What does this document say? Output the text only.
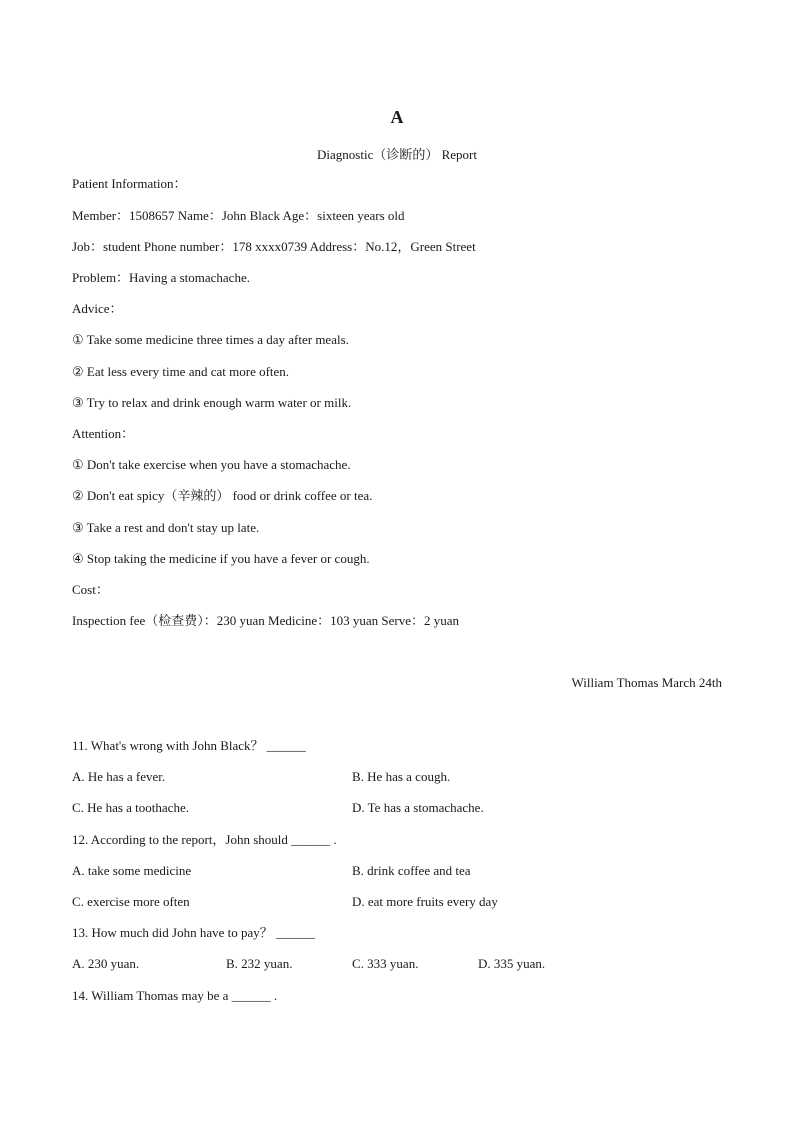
A
Diagnostic（诊断的） Report
Patient Information：
Member：1508657 Name：John Black Age：sixteen years old
Job：student Phone number：178 xxxx0739 Address：No.12，Green Street
Problem：Having a stomachache.
Advice：
① Take some medicine three times a day after meals.
② Eat less every time and cat more often.
③ Try to relax and drink enough warm water or milk.
Attention：
① Don't take exercise when you have a stomachache.
② Don't eat spicy（辛辣的） food or drink coffee or tea.
③ Take a rest and don't stay up late.
④ Stop taking the medicine if you have a fever or cough.
Cost：
Inspection fee（检查费）：230 yuan Medicine：103 yuan Serve：2 yuan
William Thomas March 24th
11. What's wrong with John Black？ ______
A. He has a fever.	B. He has a cough.
C. He has a toothache.	D. Te has a stomachache.
12. According to the report，John should ______ .
A. take some medicine	B. drink coffee and tea
C. exercise more often	D. eat more fruits every day
13. How much did John have to pay？ ______
A. 230 yuan.	B. 232 yuan.	C. 333 yuan.	D. 335 yuan.
14. William Thomas may be a ______ .
